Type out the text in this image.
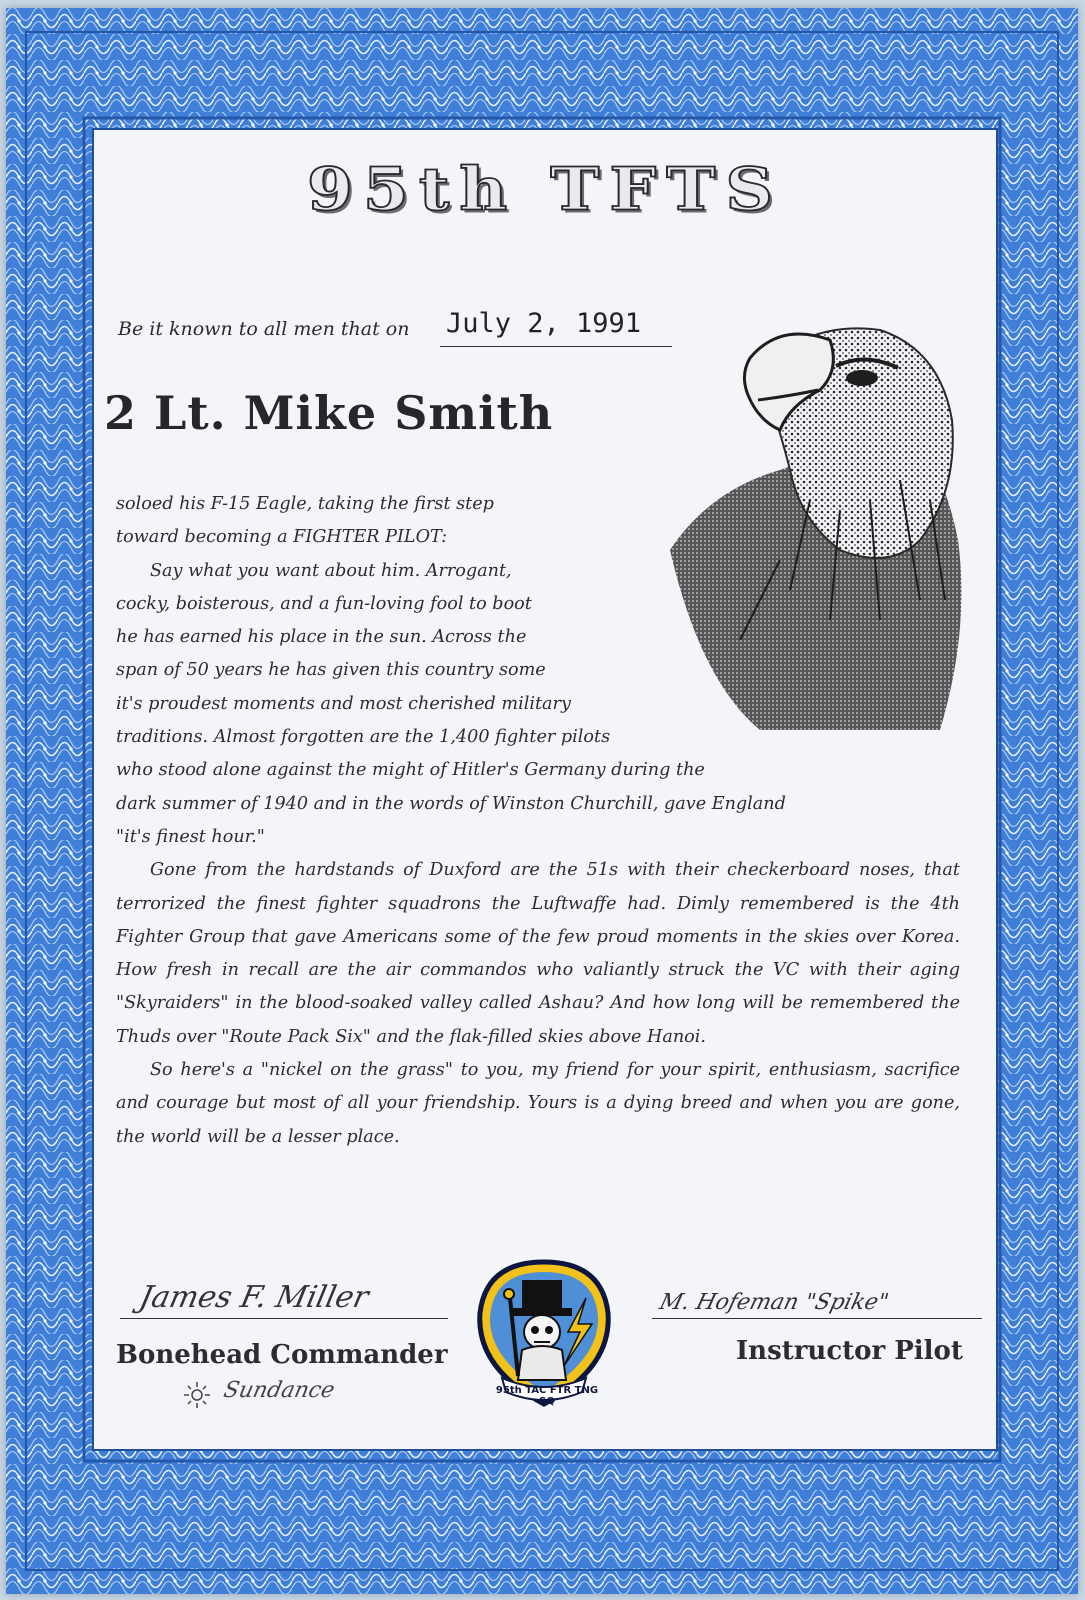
95th TFTS
Be it known to all men that on July 2, 1991
2 Lt. Mike Smith

soloed his F-15 Eagle, taking the first step

toward becoming a FIGHTER PILOT:

Say what you want about him. Arrogant,

cocky, boisterous, and a fun-loving fool to boot

he has earned his place in the sun. Across the

span of 50 years he has given this country some

it's proudest moments and most cherished military

traditions. Almost forgotten are the 1,400 fighter pilots

who stood alone against the might of Hitler's Germany during the

dark summer of 1940 and in the words of Winston Churchill, gave England

"it's finest hour."

Gone from the hardstands of Duxford are the 51s with their checkerboard noses, that terrorized the finest fighter squadrons the Luftwaffe had. Dimly remembered is the 4th Fighter Group that gave Americans some of the few proud moments in the skies over Korea. How fresh in recall are the air commandos who valiantly struck the VC with their aging "Skyraiders" in the blood-soaked valley called Ashau? And how long will be remembered the Thuds over "Route Pack Six" and the flak-filled skies above Hanoi.

So here's a "nickel on the grass" to you, my friend for your spirit, enthusiasm, sacrifice and courage but most of all your friendship. Yours is a dying breed and when you are gone, the world will be a lesser place.

James F. Miller
Bonehead Commander
Sundance
M. Hofeman "Spike"
Instructor Pilot
95th TAC FTR TNG SQ
